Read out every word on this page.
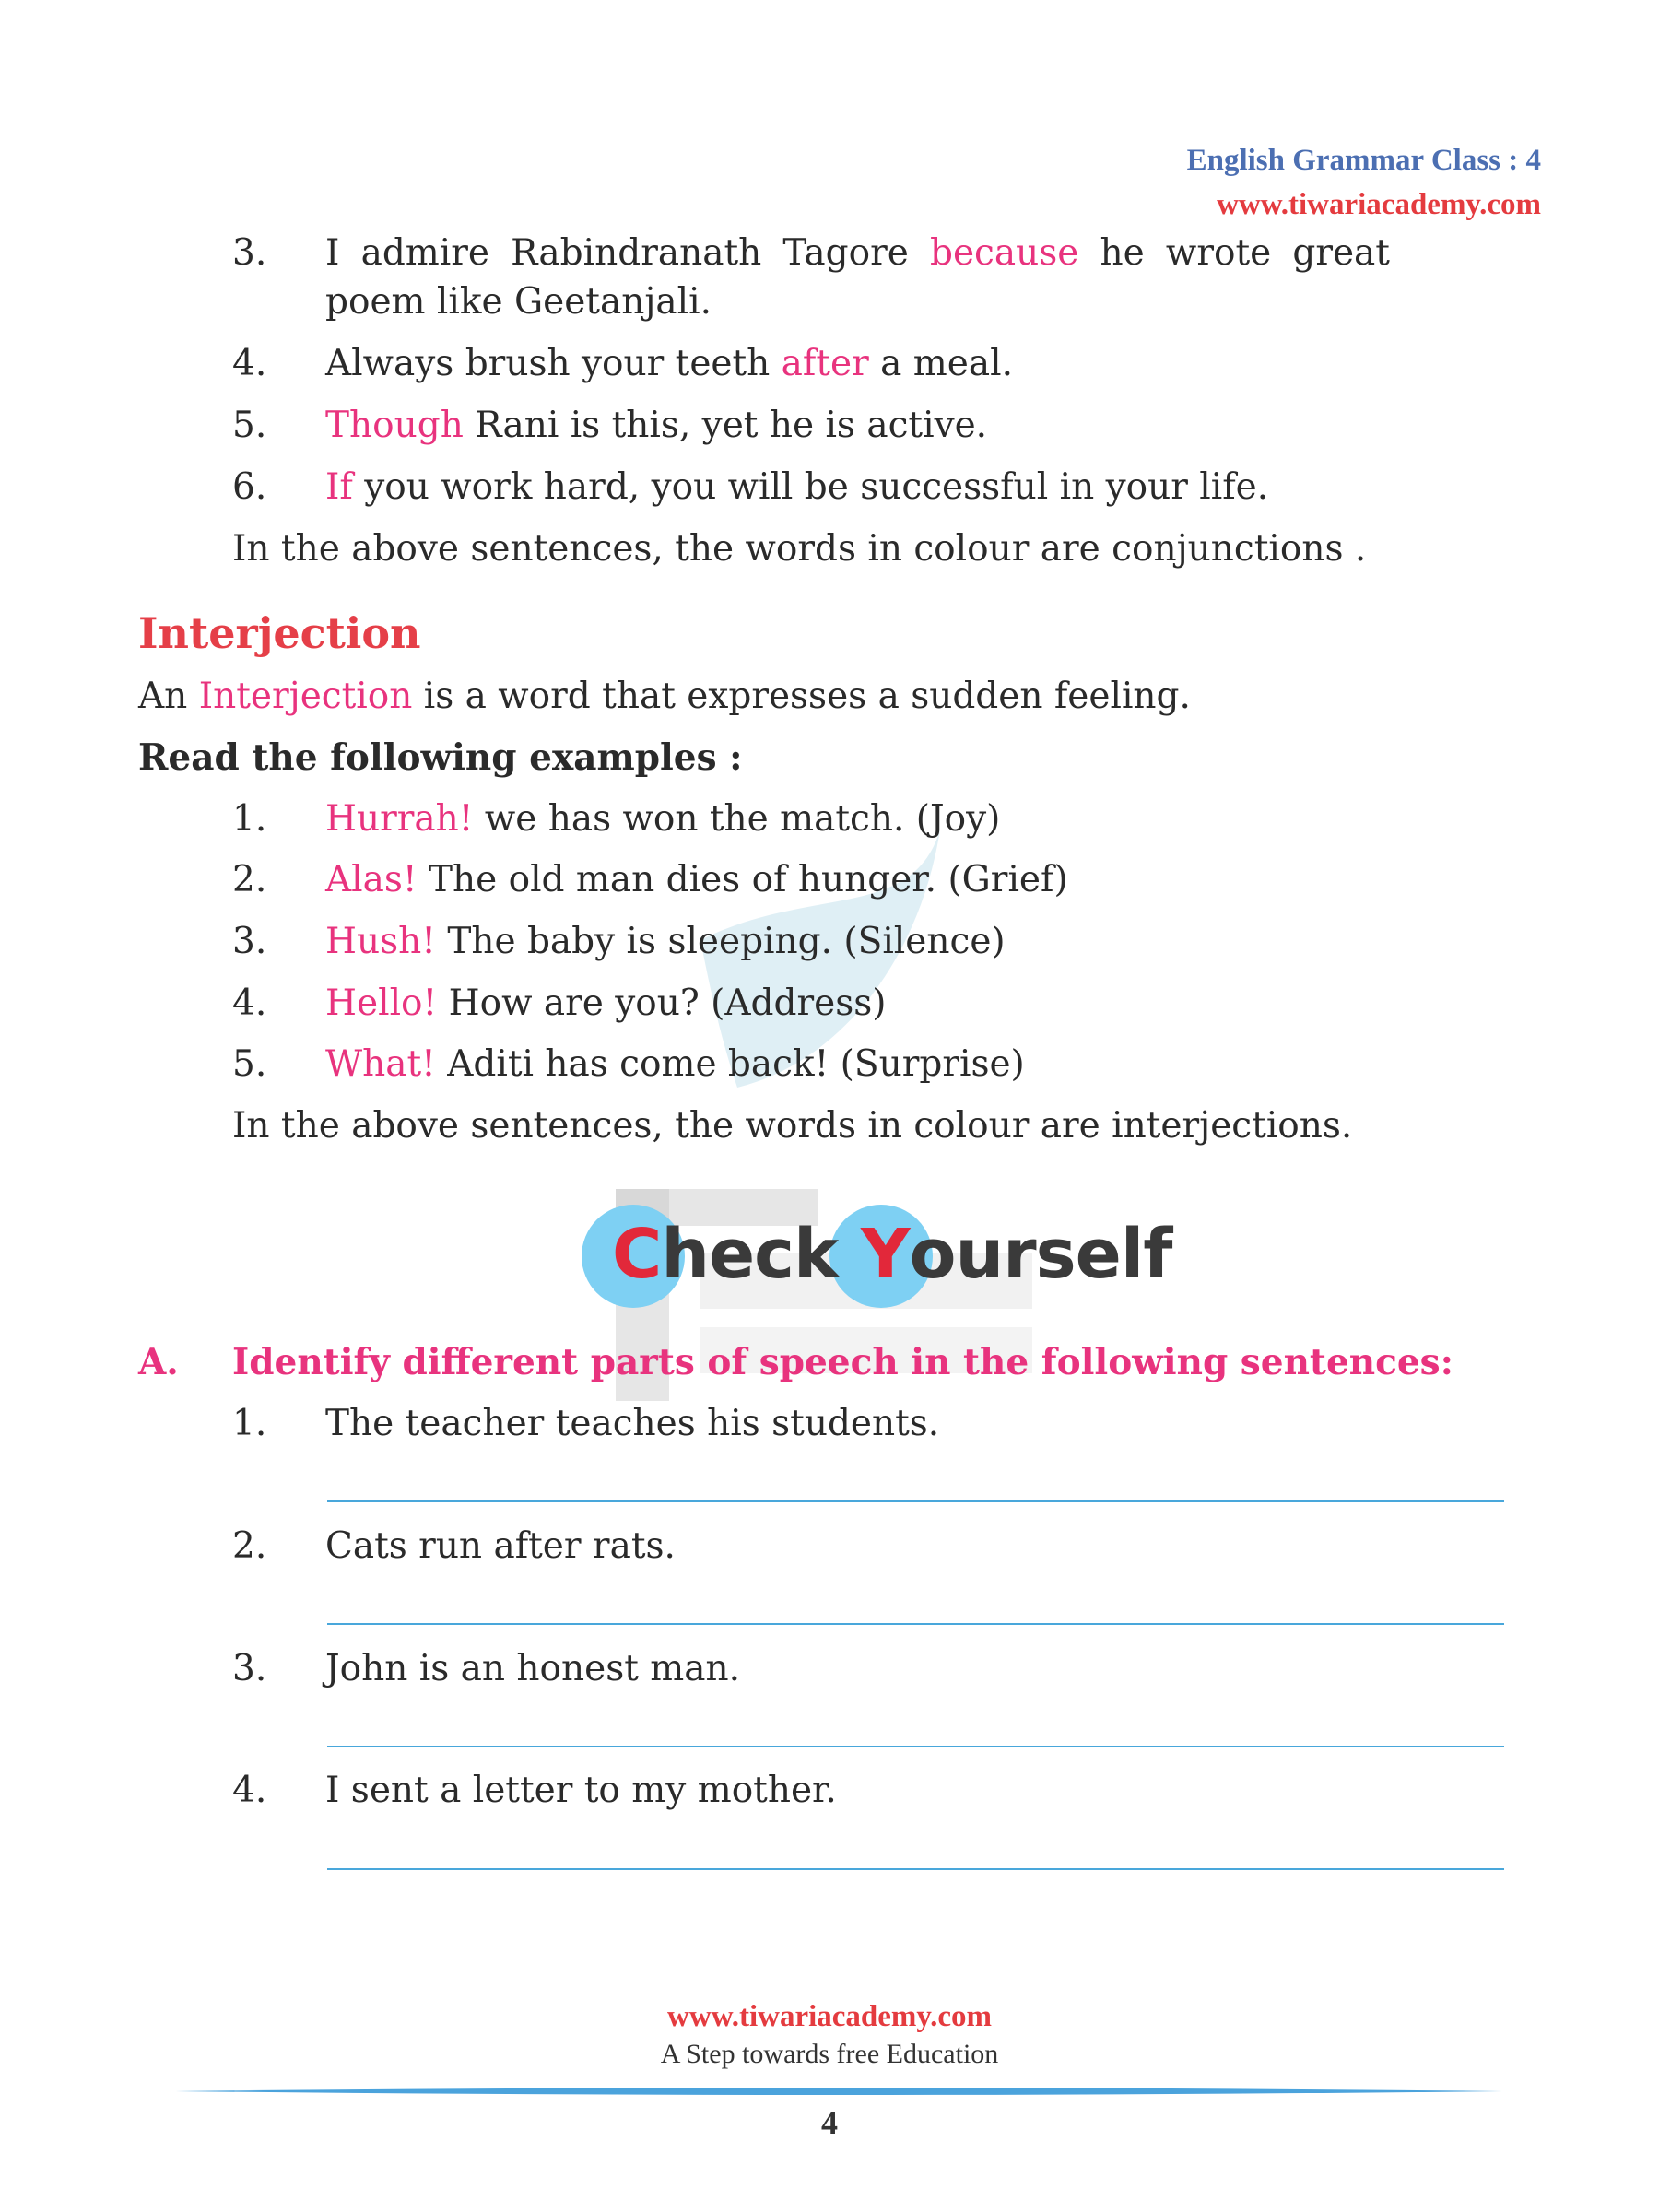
English Grammar Class : 4
www.tiwariacademy.com
3. I admire Rabindranath Tagore because he wrote great
poem like Geetanjali.
4. Always brush your teeth after a meal.
5. Though Rani is this, yet he is active.
6. If you work hard, you will be successful in your life.
In the above sentences, the words in colour are conjunctions .
Interjection
An Interjection is a word that expresses a sudden feeling.
Read the following examples :
1. Hurrah! we has won the match. (Joy)
2. Alas! The old man dies of hunger. (Grief)
3. Hush! The baby is sleeping. (Silence)
4. Hello! How are you? (Address)
5. What! Aditi has come back! (Surprise)
In the above sentences, the words in colour are interjections.
Check Yourself
A. Identify different parts of speech in the following sentences:
1. The teacher teaches his students.
2. Cats run after rats.
3. John is an honest man.
4. I sent a letter to my mother.
www.tiwariacademy.com
A Step towards free Education
4
